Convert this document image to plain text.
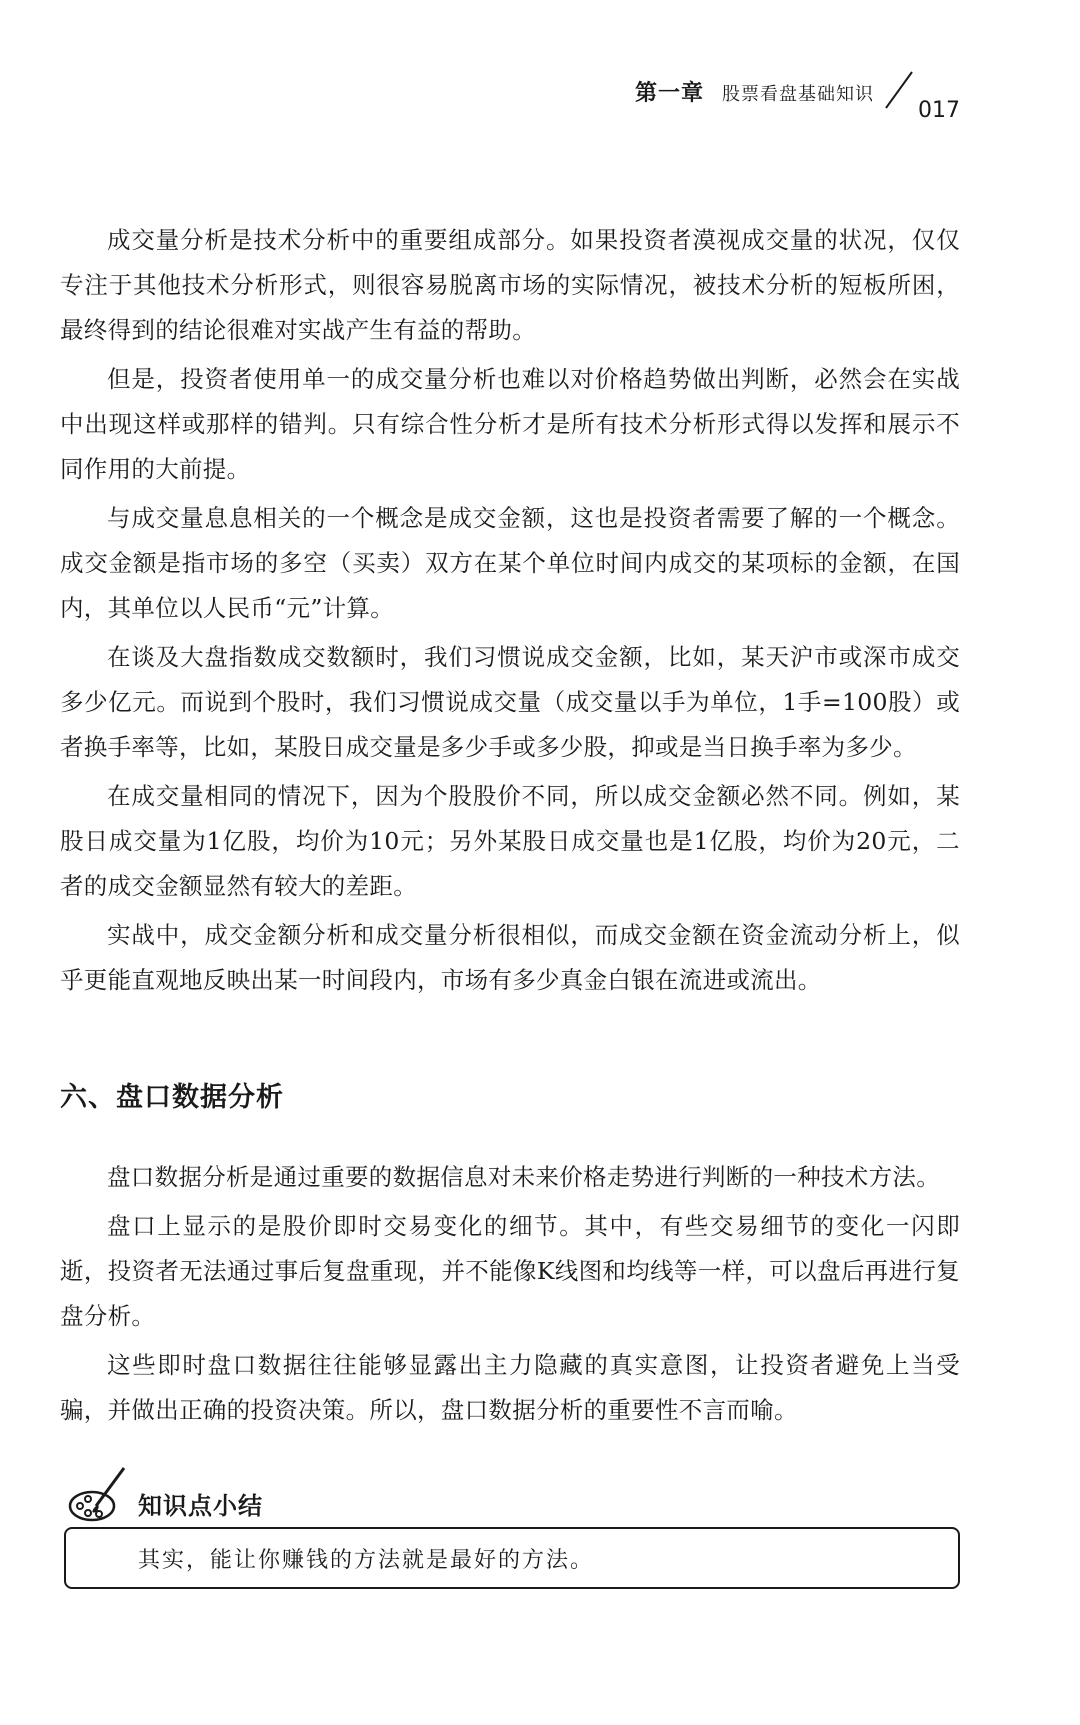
第一章 股票看盘基础知识
017

成交量分析是技术分析中的重要组成部分。如果投资者漠视成交量的状况，仅仅专注于其他技术分析形式，则很容易脱离市场的实际情况，被技术分析的短板所困，最终得到的结论很难对实战产生有益的帮助。

但是，投资者使用单一的成交量分析也难以对价格趋势做出判断，必然会在实战中出现这样或那样的错判。只有综合性分析才是所有技术分析形式得以发挥和展示不同作用的大前提。

与成交量息息相关的一个概念是成交金额，这也是投资者需要了解的一个概念。成交金额是指市场的多空（买卖）双方在某个单位时间内成交的某项标的金额，在国内，其单位以人民币“元”计算。

在谈及大盘指数成交数额时，我们习惯说成交金额，比如，某天沪市或深市成交多少亿元。而说到个股时，我们习惯说成交量（成交量以手为单位，1手=100股）或者换手率等，比如，某股日成交量是多少手或多少股，抑或是当日换手率为多少。

在成交量相同的情况下，因为个股股价不同，所以成交金额必然不同。例如，某股日成交量为1亿股，均价为10元；另外某股日成交量也是1亿股，均价为20元，二者的成交金额显然有较大的差距。

实战中，成交金额分析和成交量分析很相似，而成交金额在资金流动分析上，似乎更能直观地反映出某一时间段内，市场有多少真金白银在流进或流出。

六、盘口数据分析

盘口数据分析是通过重要的数据信息对未来价格走势进行判断的一种技术方法。

盘口上显示的是股价即时交易变化的细节。其中，有些交易细节的变化一闪即逝，投资者无法通过事后复盘重现，并不能像K线图和均线等一样，可以盘后再进行复盘分析。

这些即时盘口数据往往能够显露出主力隐藏的真实意图，让投资者避免上当受骗，并做出正确的投资决策。所以，盘口数据分析的重要性不言而喻。

知识点小结
其实，能让你赚钱的方法就是最好的方法。
